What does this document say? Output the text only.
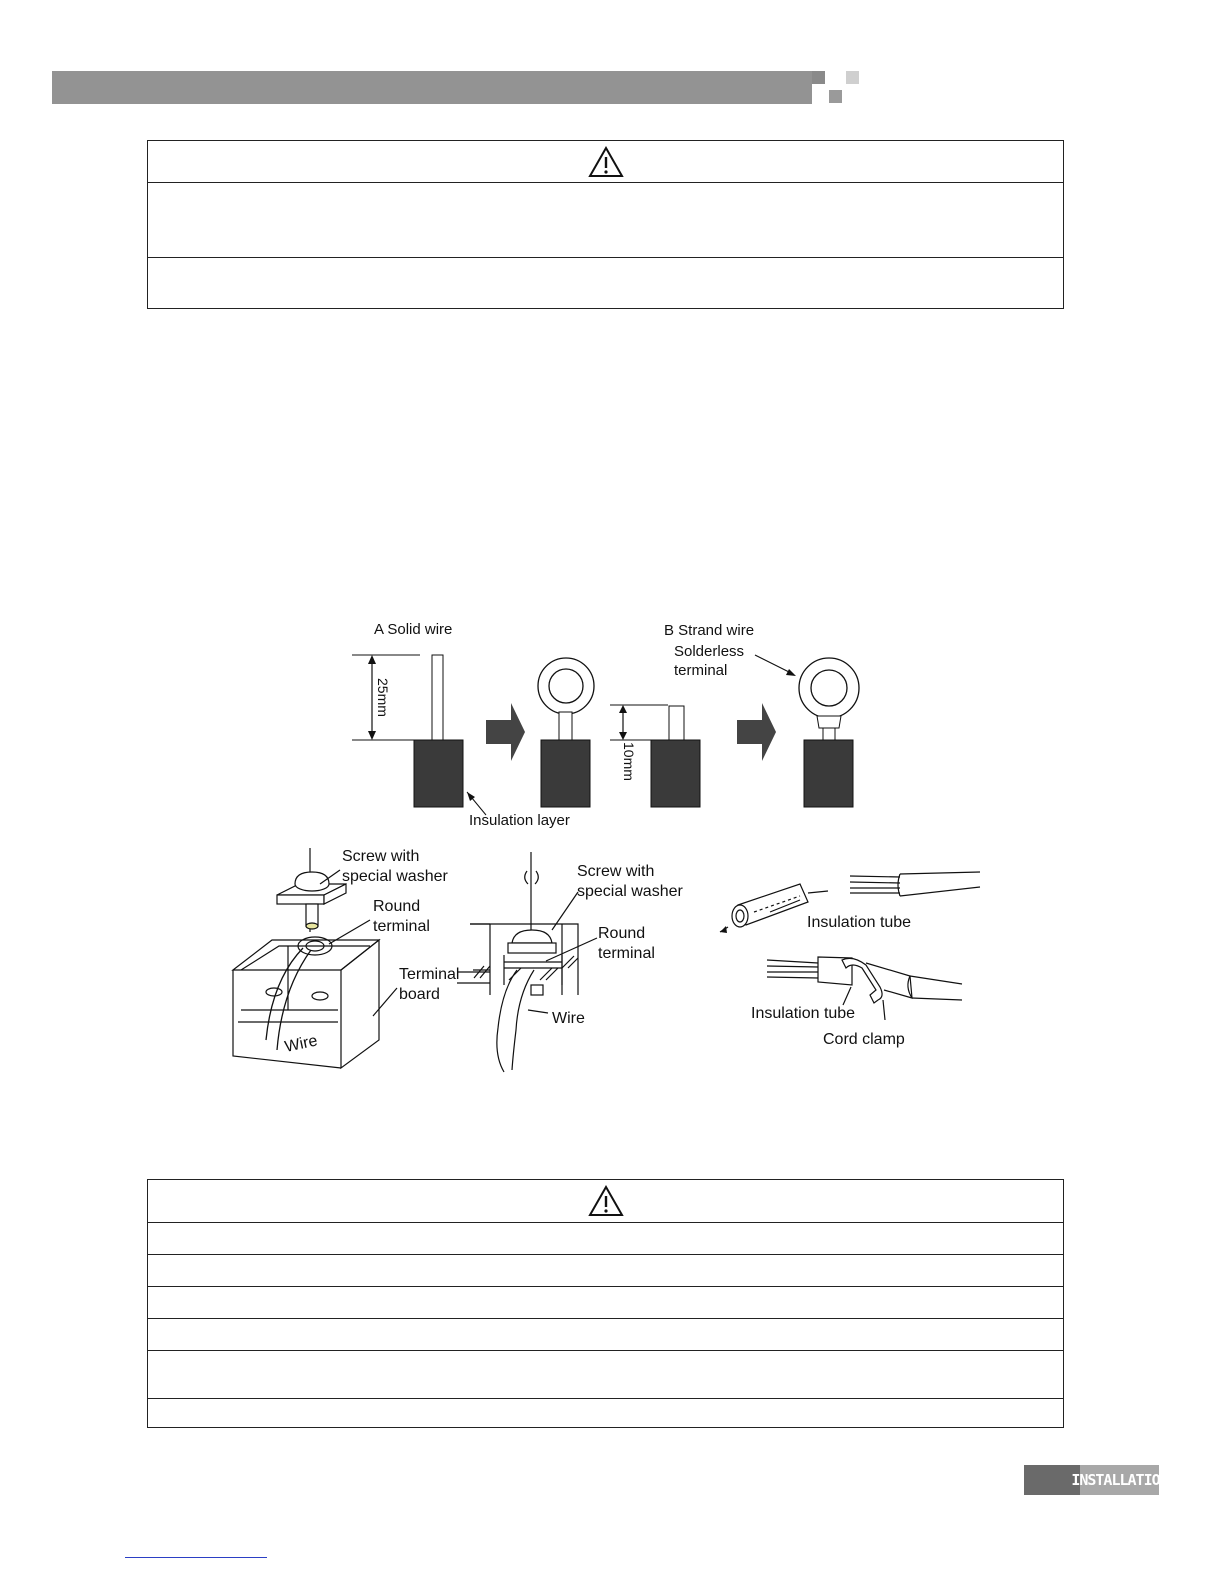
A Solid wire
25mm
Insulation layer
B Strand wire
Solderless
terminal
10mm
Screw with
special washer
Round
terminal
Terminal
board
Wire
Screw with
special washer
Round
terminal
Wire
Insulation tube
Insulation tube
Cord clamp
INSTALLATION
